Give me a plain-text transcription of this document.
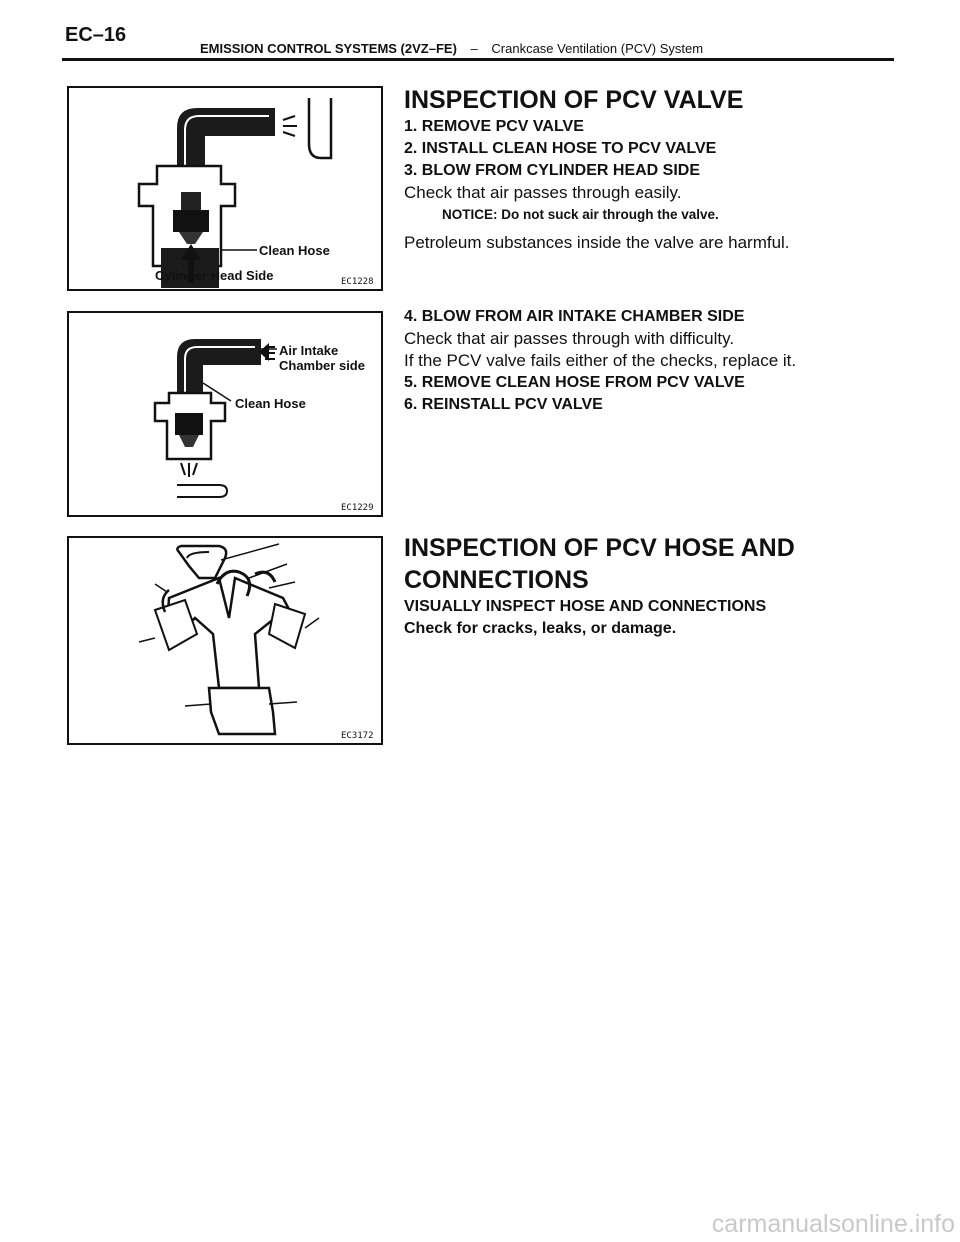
EC–16
EMISSION CONTROL SYSTEMS (2VZ–FE) – Crankcase Ventilation (PCV) System
Clean Hose
Cylinder Head Side	EC1228
Air Intake
Chamber side
Clean Hose
EC1229
EC3172

INSPECTION OF PCV VALVE

1. REMOVE PCV VALVE

2. INSTALL CLEAN HOSE TO PCV VALVE

3. BLOW FROM CYLINDER HEAD SIDE

Check that air passes through easily.

NOTICE: Do not suck air through the valve.

Petroleum substances inside the valve are harmful.

4. BLOW FROM AIR INTAKE CHAMBER SIDE

Check that air passes through with difficulty.

If the PCV valve fails either of the checks, replace it.

5. REMOVE CLEAN HOSE FROM PCV VALVE

6. REINSTALL PCV VALVE

INSPECTION OF PCV HOSE AND

CONNECTIONS

VISUALLY INSPECT HOSE AND CONNECTIONS

Check for cracks, leaks, or damage.

carmanualsonline.info
